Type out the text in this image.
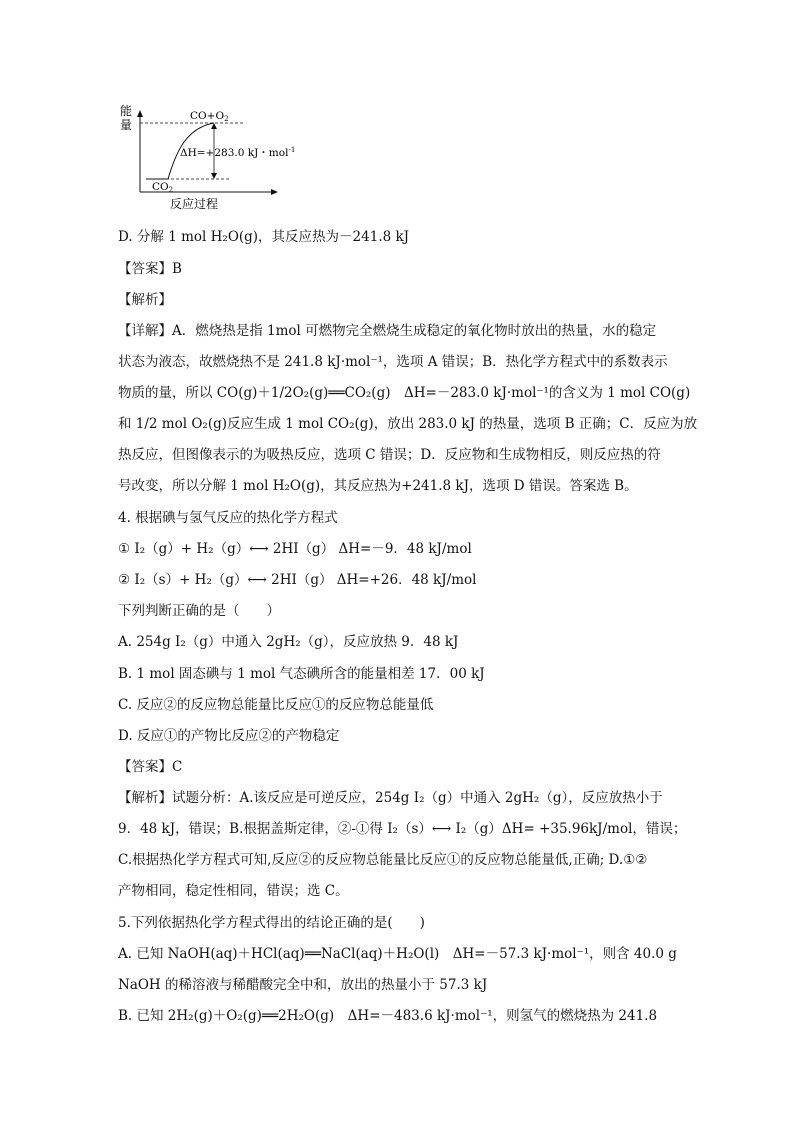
能
量
CO+O2
CO2
ΔH=+283.0 kJ・mol$^{-1}$
反应过程
D. 分解 1 mol H₂O(g)，其反应热为－241.8 kJ
【答案】B
【解析】
【详解】A．燃烧热是指 1mol 可燃物完全燃烧生成稳定的氧化物时放出的热量，水的稳定
状态为液态，故燃烧热不是 241.8 kJ·mol⁻¹，选项 A 错误；B．热化学方程式中的系数表示
物质的量，所以 CO(g)＋1/2O₂(g)══CO₂(g)　ΔH=－283.0 kJ·mol⁻¹的含义为 1 mol CO(g)
和 1/2 mol O₂(g)反应生成 1 mol CO₂(g)，放出 283.0 kJ 的热量，选项 B 正确；C．反应为放
热反应，但图像表示的为吸热反应，选项 C 错误；D．反应物和生成物相反，则反应热的符
号改变，所以分解 1 mol H₂O(g)，其反应热为+241.8 kJ，选项 D 错误。答案选 B。
4. 根据碘与氢气反应的热化学方程式
① I₂（g）+ H₂（g）⟷ 2HI（g） ΔH=－9．48 kJ/mol
② I₂（s）+ H₂（g）⟷ 2HI（g） ΔH=+26．48 kJ/mol
下列判断正确的是（　　）
A. 254g I₂（g）中通入 2gH₂（g），反应放热 9．48 kJ
B. 1 mol 固态碘与 1 mol 气态碘所含的能量相差 17．00 kJ
C. 反应②的反应物总能量比反应①的反应物总能量低
D. 反应①的产物比反应②的产物稳定
【答案】C
【解析】试题分析：A.该反应是可逆反应，254g I₂（g）中通入 2gH₂（g），反应放热小于
9．48 kJ，错误；B.根据盖斯定律，②-①得 I₂（s）⟷ I₂（g）ΔH= +35.96kJ/mol，错误；
C.根据热化学方程式可知,反应②的反应物总能量比反应①的反应物总能量低,正确; D.①②
产物相同，稳定性相同，错误；选 C。
5.下列依据热化学方程式得出的结论正确的是(　　)
A. 已知 NaOH(aq)＋HCl(aq)══NaCl(aq)＋H₂O(l)　ΔH=－57.3 kJ·mol⁻¹，则含 40.0 g
NaOH 的稀溶液与稀醋酸完全中和，放出的热量小于 57.3 kJ
B. 已知 2H₂(g)＋O₂(g)══2H₂O(g)　ΔH=－483.6 kJ·mol⁻¹，则氢气的燃烧热为 241.8
